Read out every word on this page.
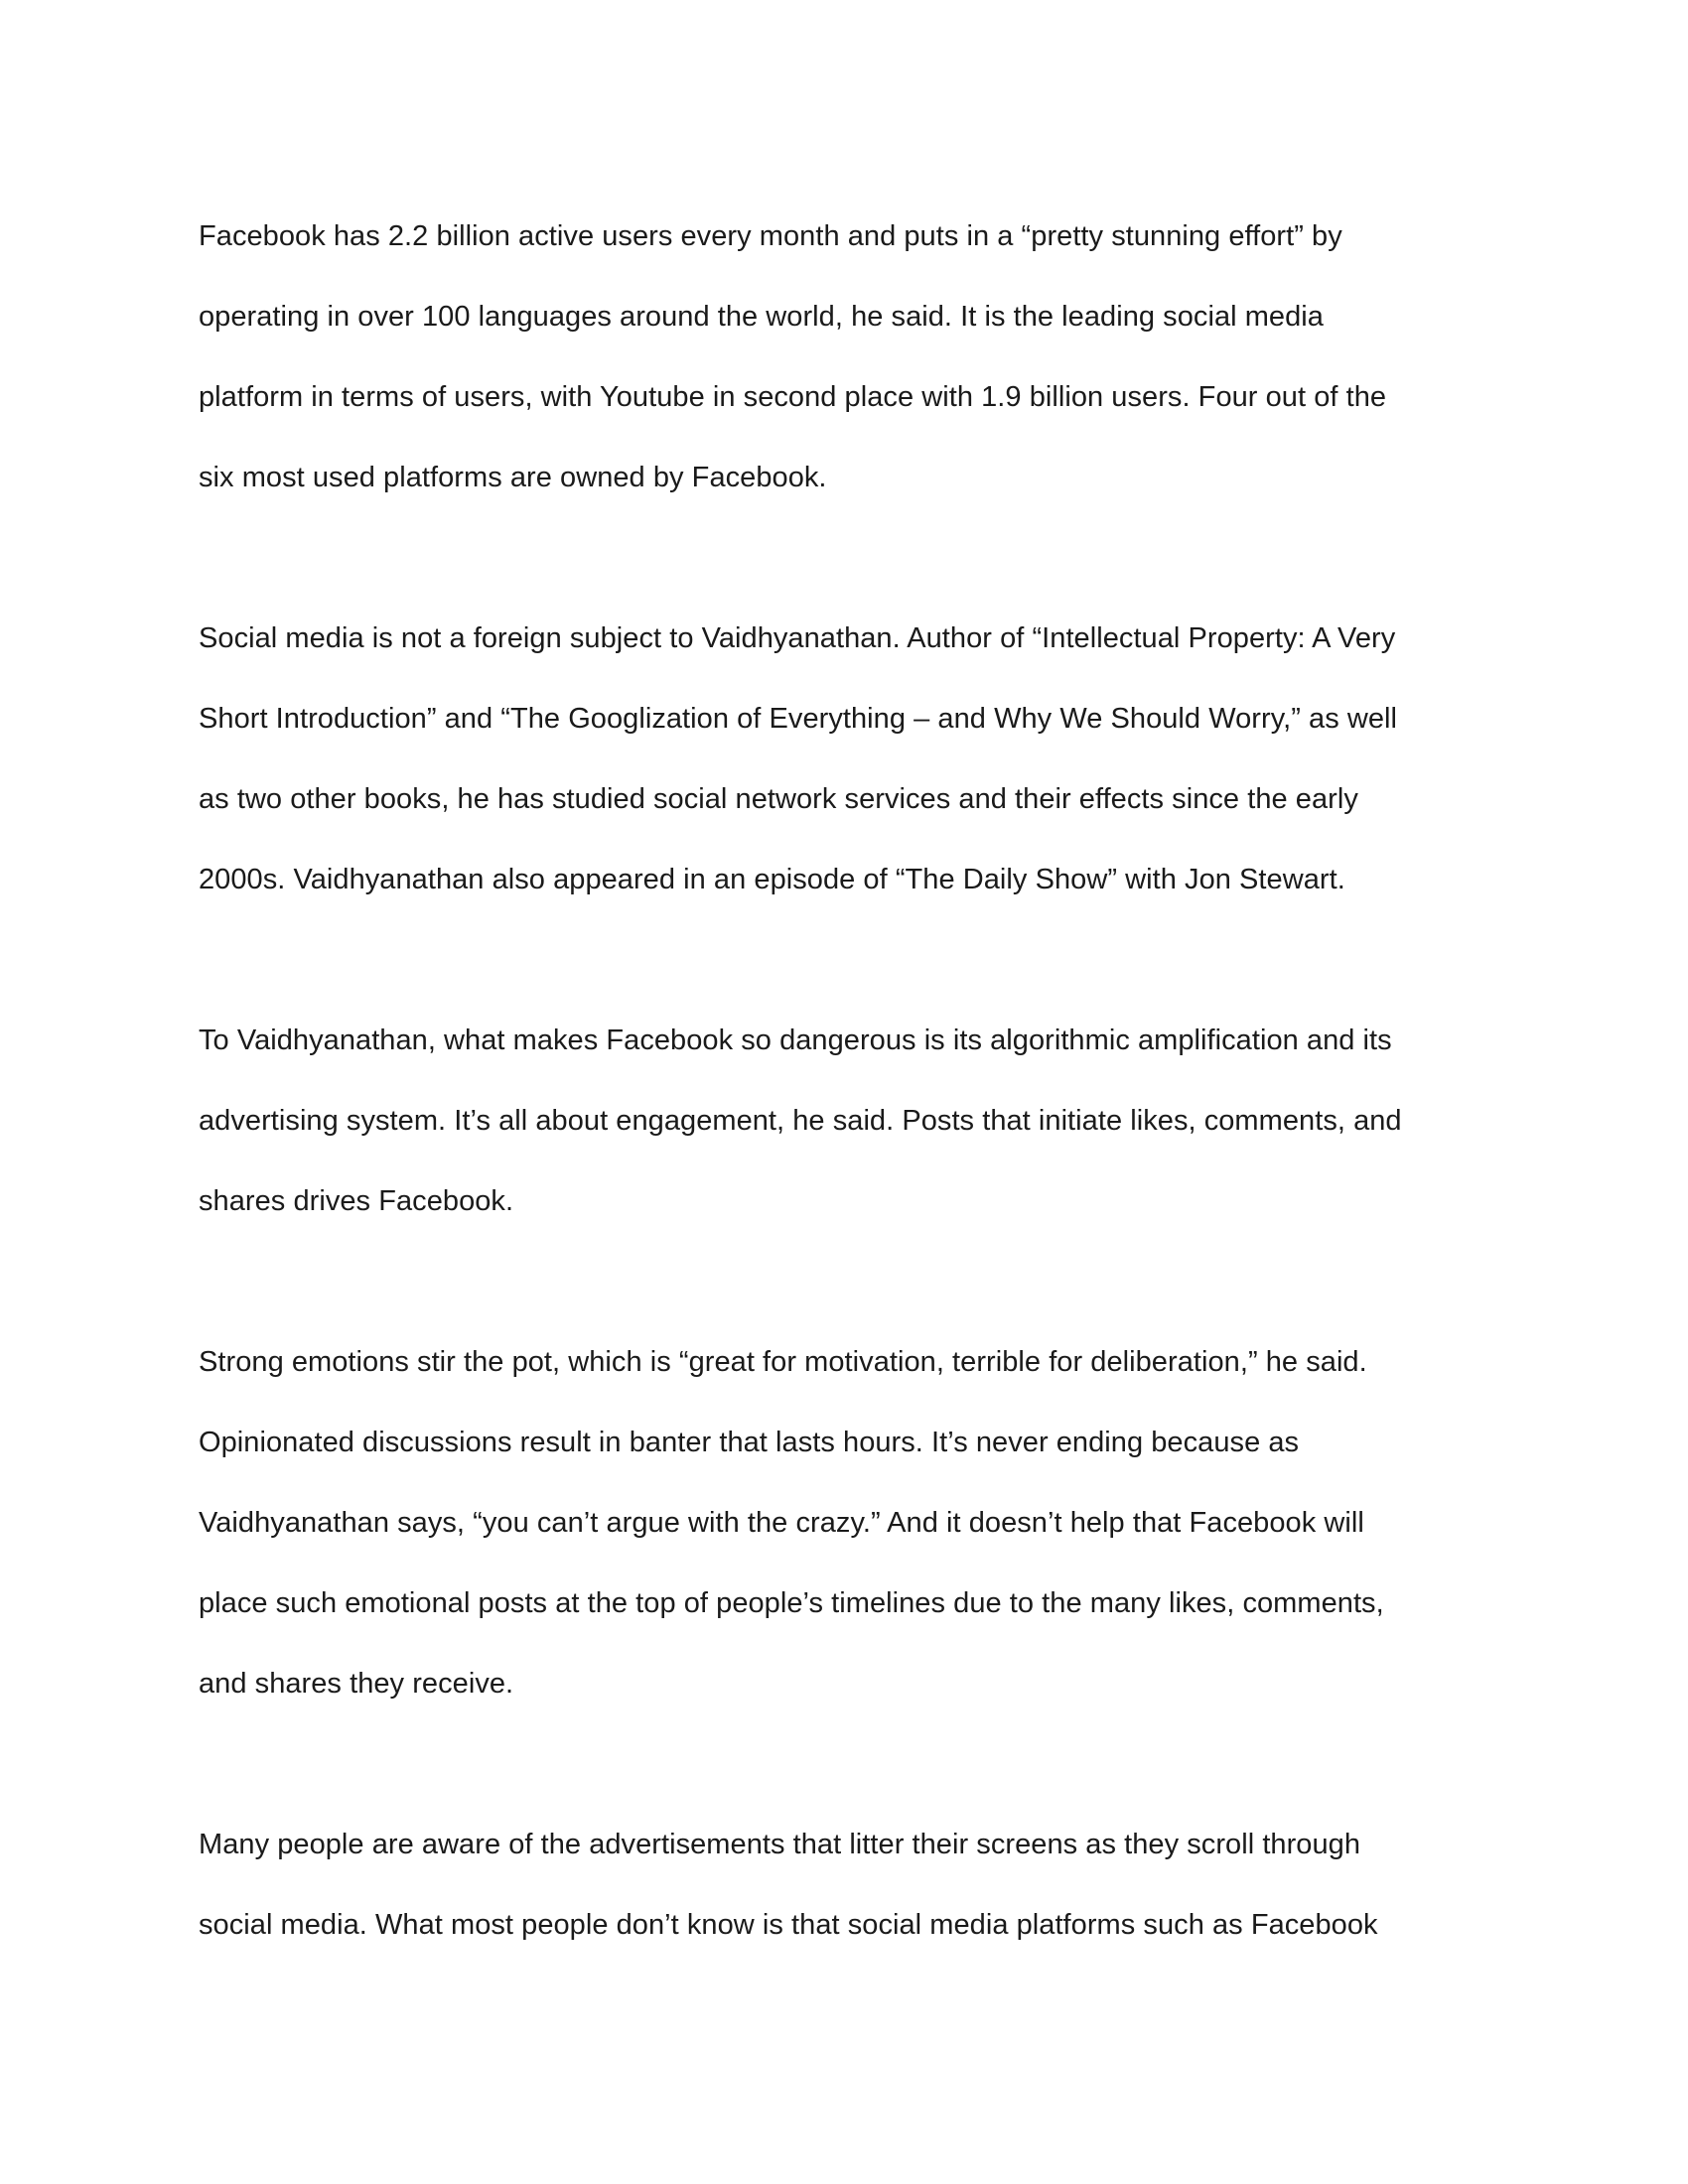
Facebook has 2.2 billion active users every month and puts in a “pretty stunning effort” by
operating in over 100 languages around the world, he said. It is the leading social media
platform in terms of users, with Youtube in second place with 1.9 billion users. Four out of the
six most used platforms are owned by Facebook.
Social media is not a foreign subject to Vaidhyanathan. Author of “Intellectual Property: A Very
Short Introduction” and “The Googlization of Everything – and Why We Should Worry,” as well
as two other books, he has studied social network services and their effects since the early
2000s. Vaidhyanathan also appeared in an episode of “The Daily Show” with Jon Stewart.
To Vaidhyanathan, what makes Facebook so dangerous is its algorithmic amplification and its
advertising system. It’s all about engagement, he said. Posts that initiate likes, comments, and
shares drives Facebook.
Strong emotions stir the pot, which is “great for motivation, terrible for deliberation,” he said.
Opinionated discussions result in banter that lasts hours. It’s never ending because as
Vaidhyanathan says, “you can’t argue with the crazy.” And it doesn’t help that Facebook will
place such emotional posts at the top of people’s timelines due to the many likes, comments,
and shares they receive.
Many people are aware of the advertisements that litter their screens as they scroll through
social media. What most people don’t know is that social media platforms such as Facebook
